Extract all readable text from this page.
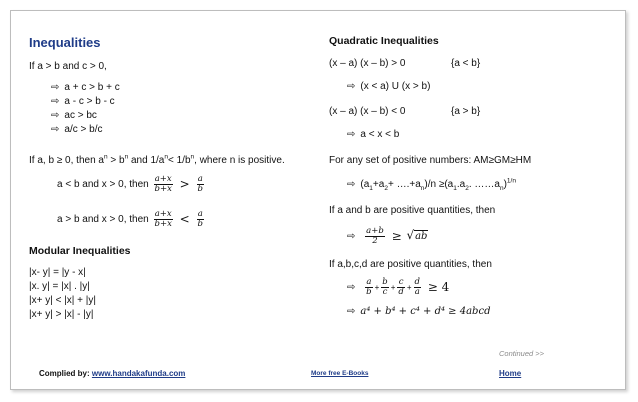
Inequalities
If a > b and c > 0,
⇨ a + c > b + c
⇨ a - c > b - c
⇨ ac > bc
⇨ a/c > b/c
If a, b ≥ 0, then $a^n > b^n$ and $1/a^n< 1/b^n$, where n is positive.
a < b and x > 0, then $\frac{a+x}{b+x} > \frac{a}{b}$
a > b and x > 0, then $\frac{a+x}{b+x} < \frac{a}{b}$
Modular Inequalities
|x- y| = |y - x|
|x. y| = |x| . |y|
|x+ y| < |x| + |y|
|x+ y| > |x| - |y|
Quadratic Inequalities
(x – a) (x – b) > 0	{a < b}
⇨ (x < a) U (x > b)
(x – a) (x – b) < 0	{a > b}
⇨ a < x < b
For any set of positive numbers: AM≥GM≥HM
⇨ ($a_1+a_2+$ $\dots.+a_n)/n \ge(a_1.a_2$. $\dots\dots a_n)^{1/n}$
If a and b are positive quantities, then
⇨ $\frac{a+b}{2} \ge √ab$
If a,b,c,d are positive quantities, then
⇨ $\frac{a}{b} + \frac{b}{c} + \frac{c}{d} + \frac{d}{a} \ge 4$
⇨ a⁴ + b⁴ + c⁴ + d⁴ ≥ 4abcd
Continued >>
Complied by: www.handakafunda.com	More free E-Books	Home
